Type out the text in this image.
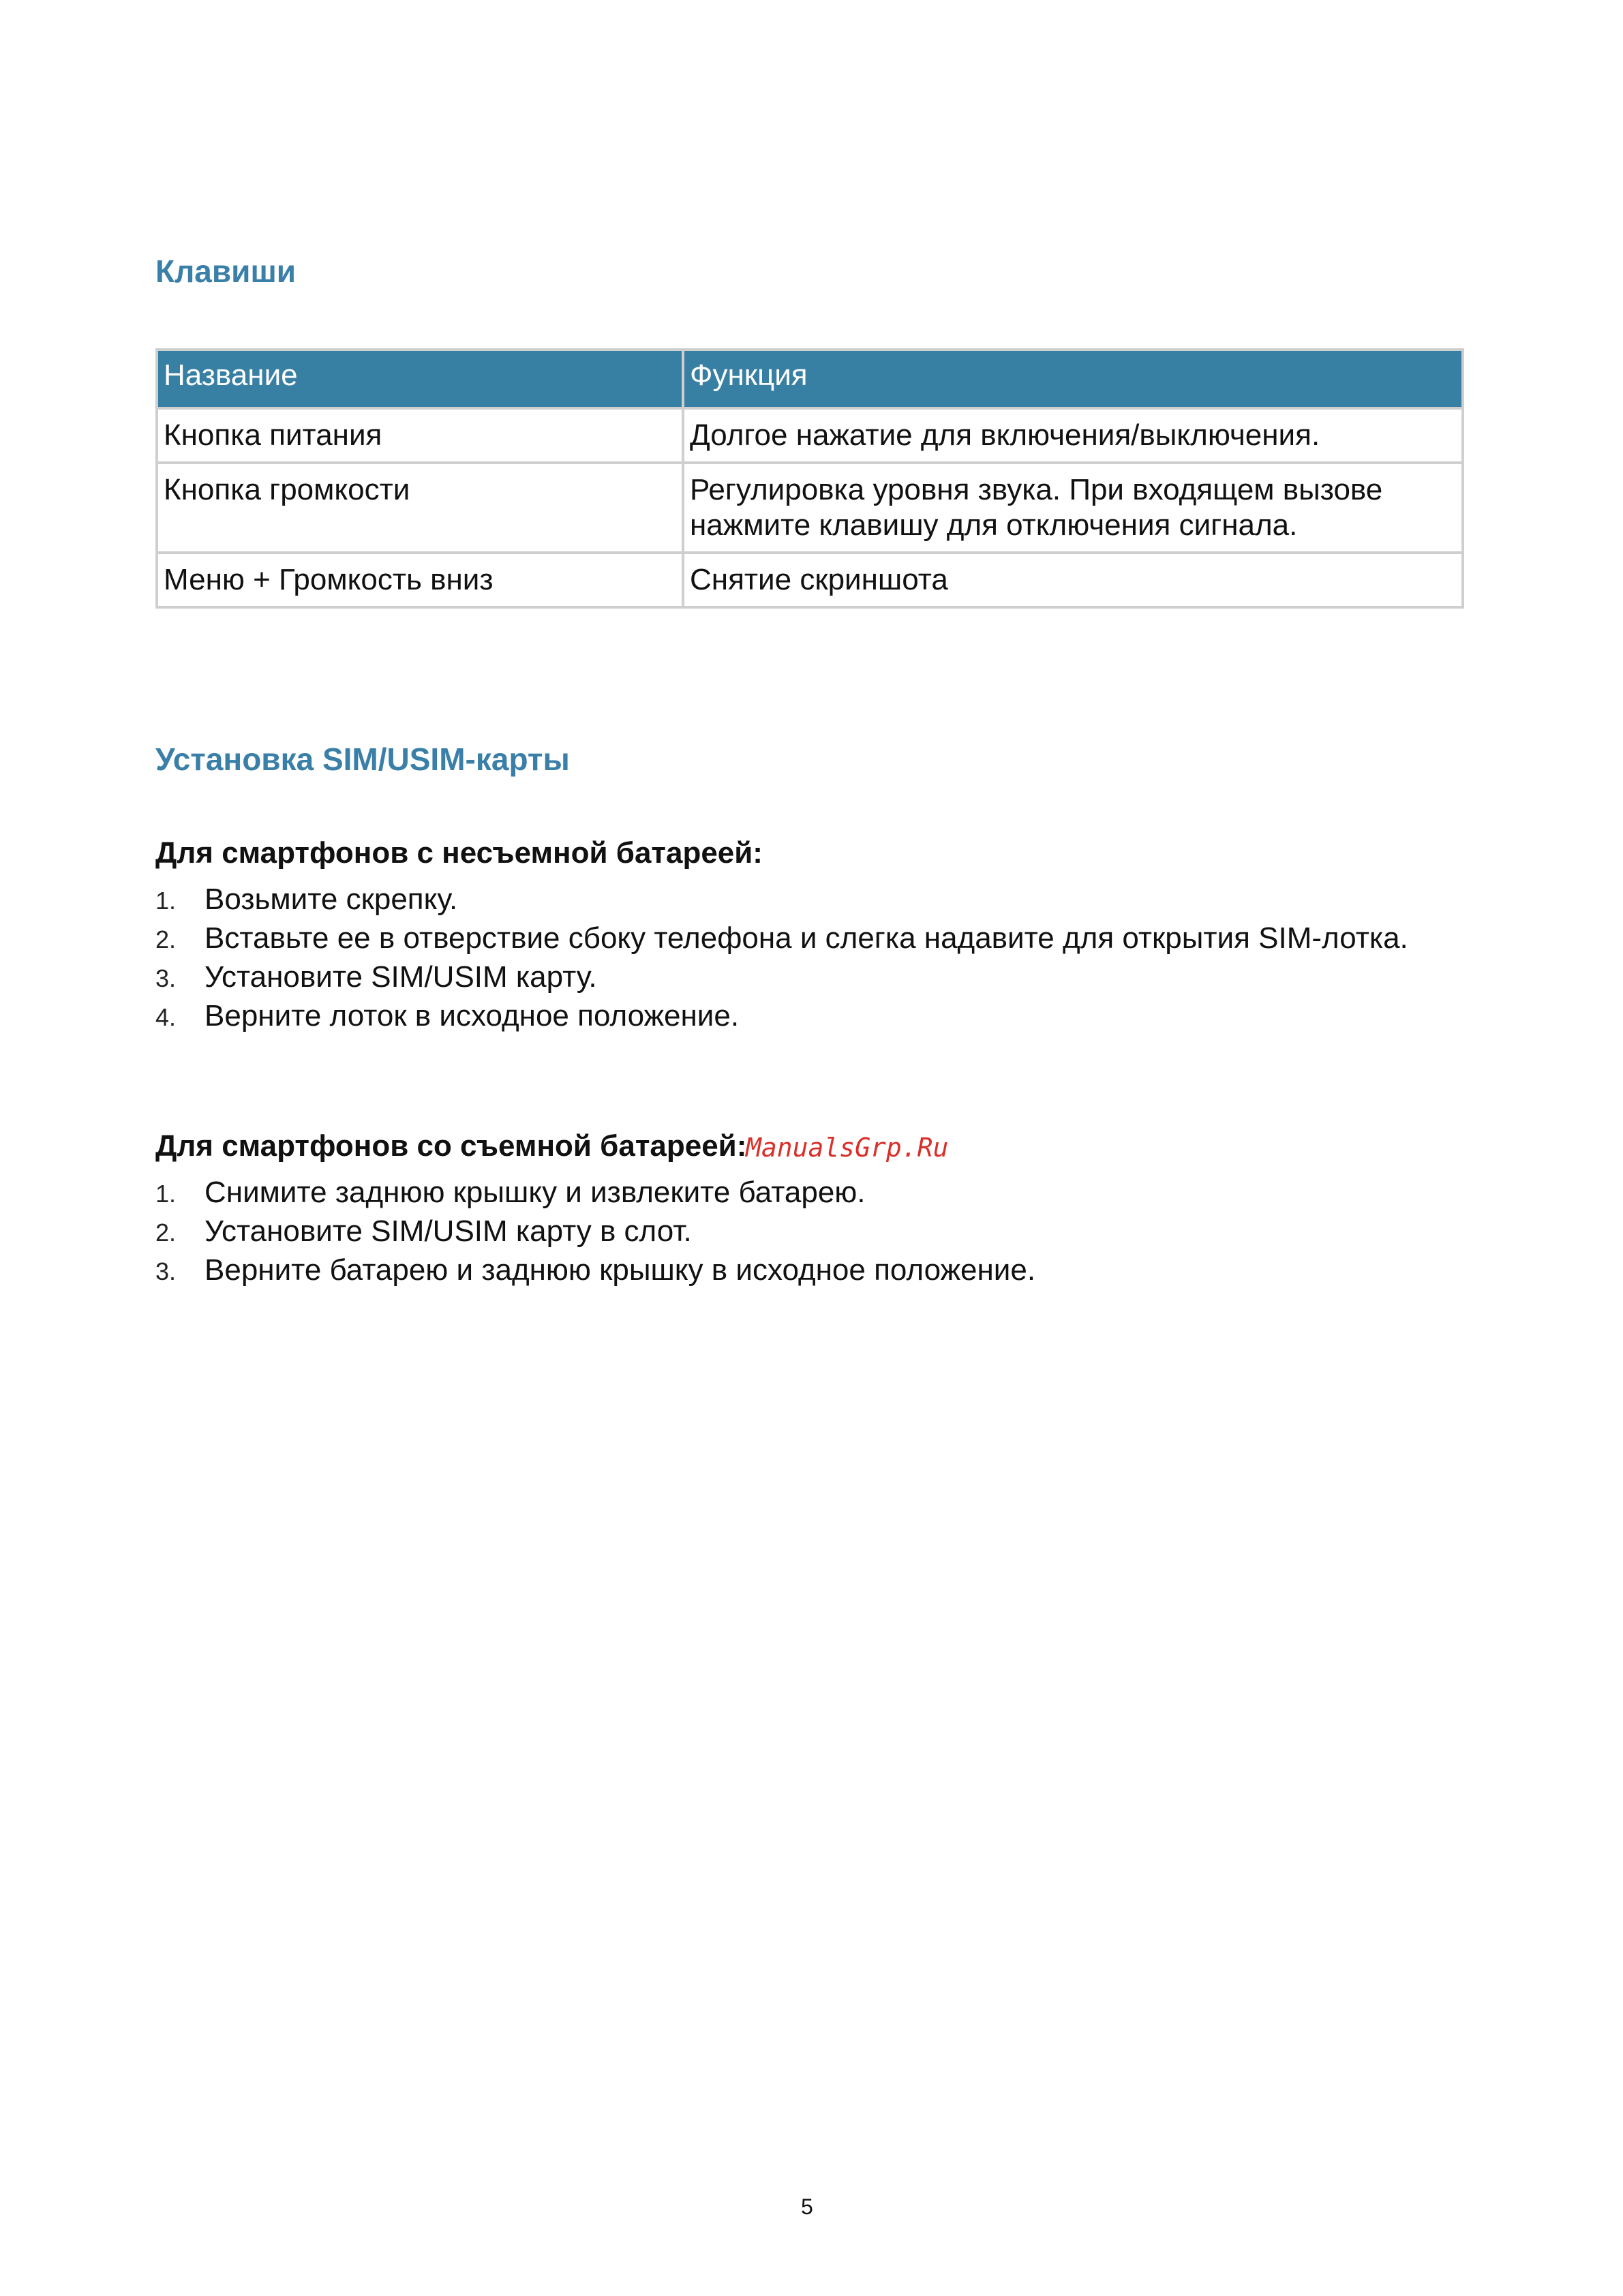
Клавиши
Название	Функция
Кнопка питания	Долгое нажатие для включения/выключения.
Кнопка громкости	Регулировка уровня звука. При входящем вызове нажмите клавишу для отключения сигнала.
Меню + Громкость вниз	Снятие скриншота
Установка SIM/USIM-карты

Для смартфонов с несъемной батареей:

1. Возьмите скрепку.
2. Вставьте ее в отверствие сбоку телефона и слегка надавите для открытия SIM-лотка.
3. Установите SIM/USIM карту.
4. Верните лоток в исходное положение.

Для смартфонов со съемной батареей:

1. Снимите заднюю крышку и извлеките батарею.
2. Установите SIM/USIM карту в слот.
3. Верните батарею и заднюю крышку в исходное положение.
ManualsGrp.Ru
5
